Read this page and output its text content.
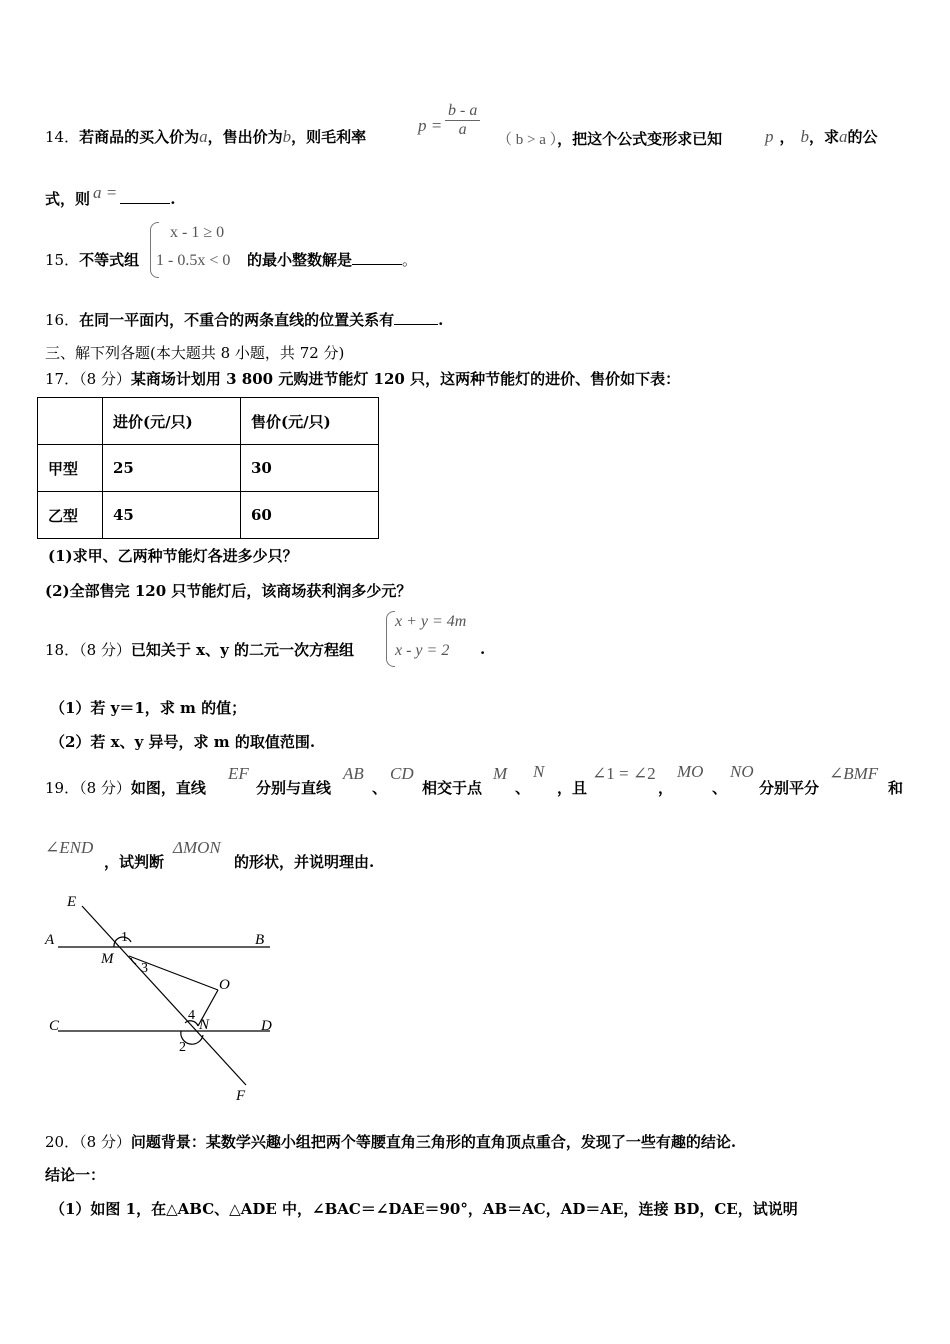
14．若商品的买入价为a，售出价为b，则毛利率
$p = \frac{b - a}{a}$
（ b > a ），把这个公式变形求已知	p ， b，求a的公
式，则 a =	.
15．不等式组
x - 1 ≥ 0
1 - 0.5x < 0 的最小整数解是	。
16．在同一平面内，不重合的两条直线的位置关系有	.
三、解下列各题(本大题共 8 小题，共 72 分)
17．（8 分）某商场计划用 3 800 元购进节能灯 120 只，这两种节能灯的进价、售价如下表：
	进价(元/只)	售价(元/只)
甲型	25	30
乙型	45	60
(1)求甲、乙两种节能灯各进多少只？
(2)全部售完 120 只节能灯后，该商场获利润多少元？
18．（8 分）已知关于 x、y 的二元一次方程组
x + y = 4m
x - y = 2 .
（1）若 y＝1，求 m 的值；
（2）若 x、y 异号，求 m 的取值范围.
19．（8 分）如图，直线
EF
分别与直线
AB
、
CD
相交于点
M
、
N
，且
∠1 = ∠2
，
MO
、
NO
分别平分
∠BMF
和
∠END
，试判断
ΔMON
的形状，并说明理由.
E
A	B
M
O
C	D
N
F
1
3
4
2
20．（8 分）问题背景：某数学兴趣小组把两个等腰直角三角形的直角顶点重合，发现了一些有趣的结论.
结论一：
（1）如图 1，在△ABC、△ADE 中，∠BAC＝∠DAE＝90°，AB＝AC，AD＝AE，连接 BD，CE，试说明
